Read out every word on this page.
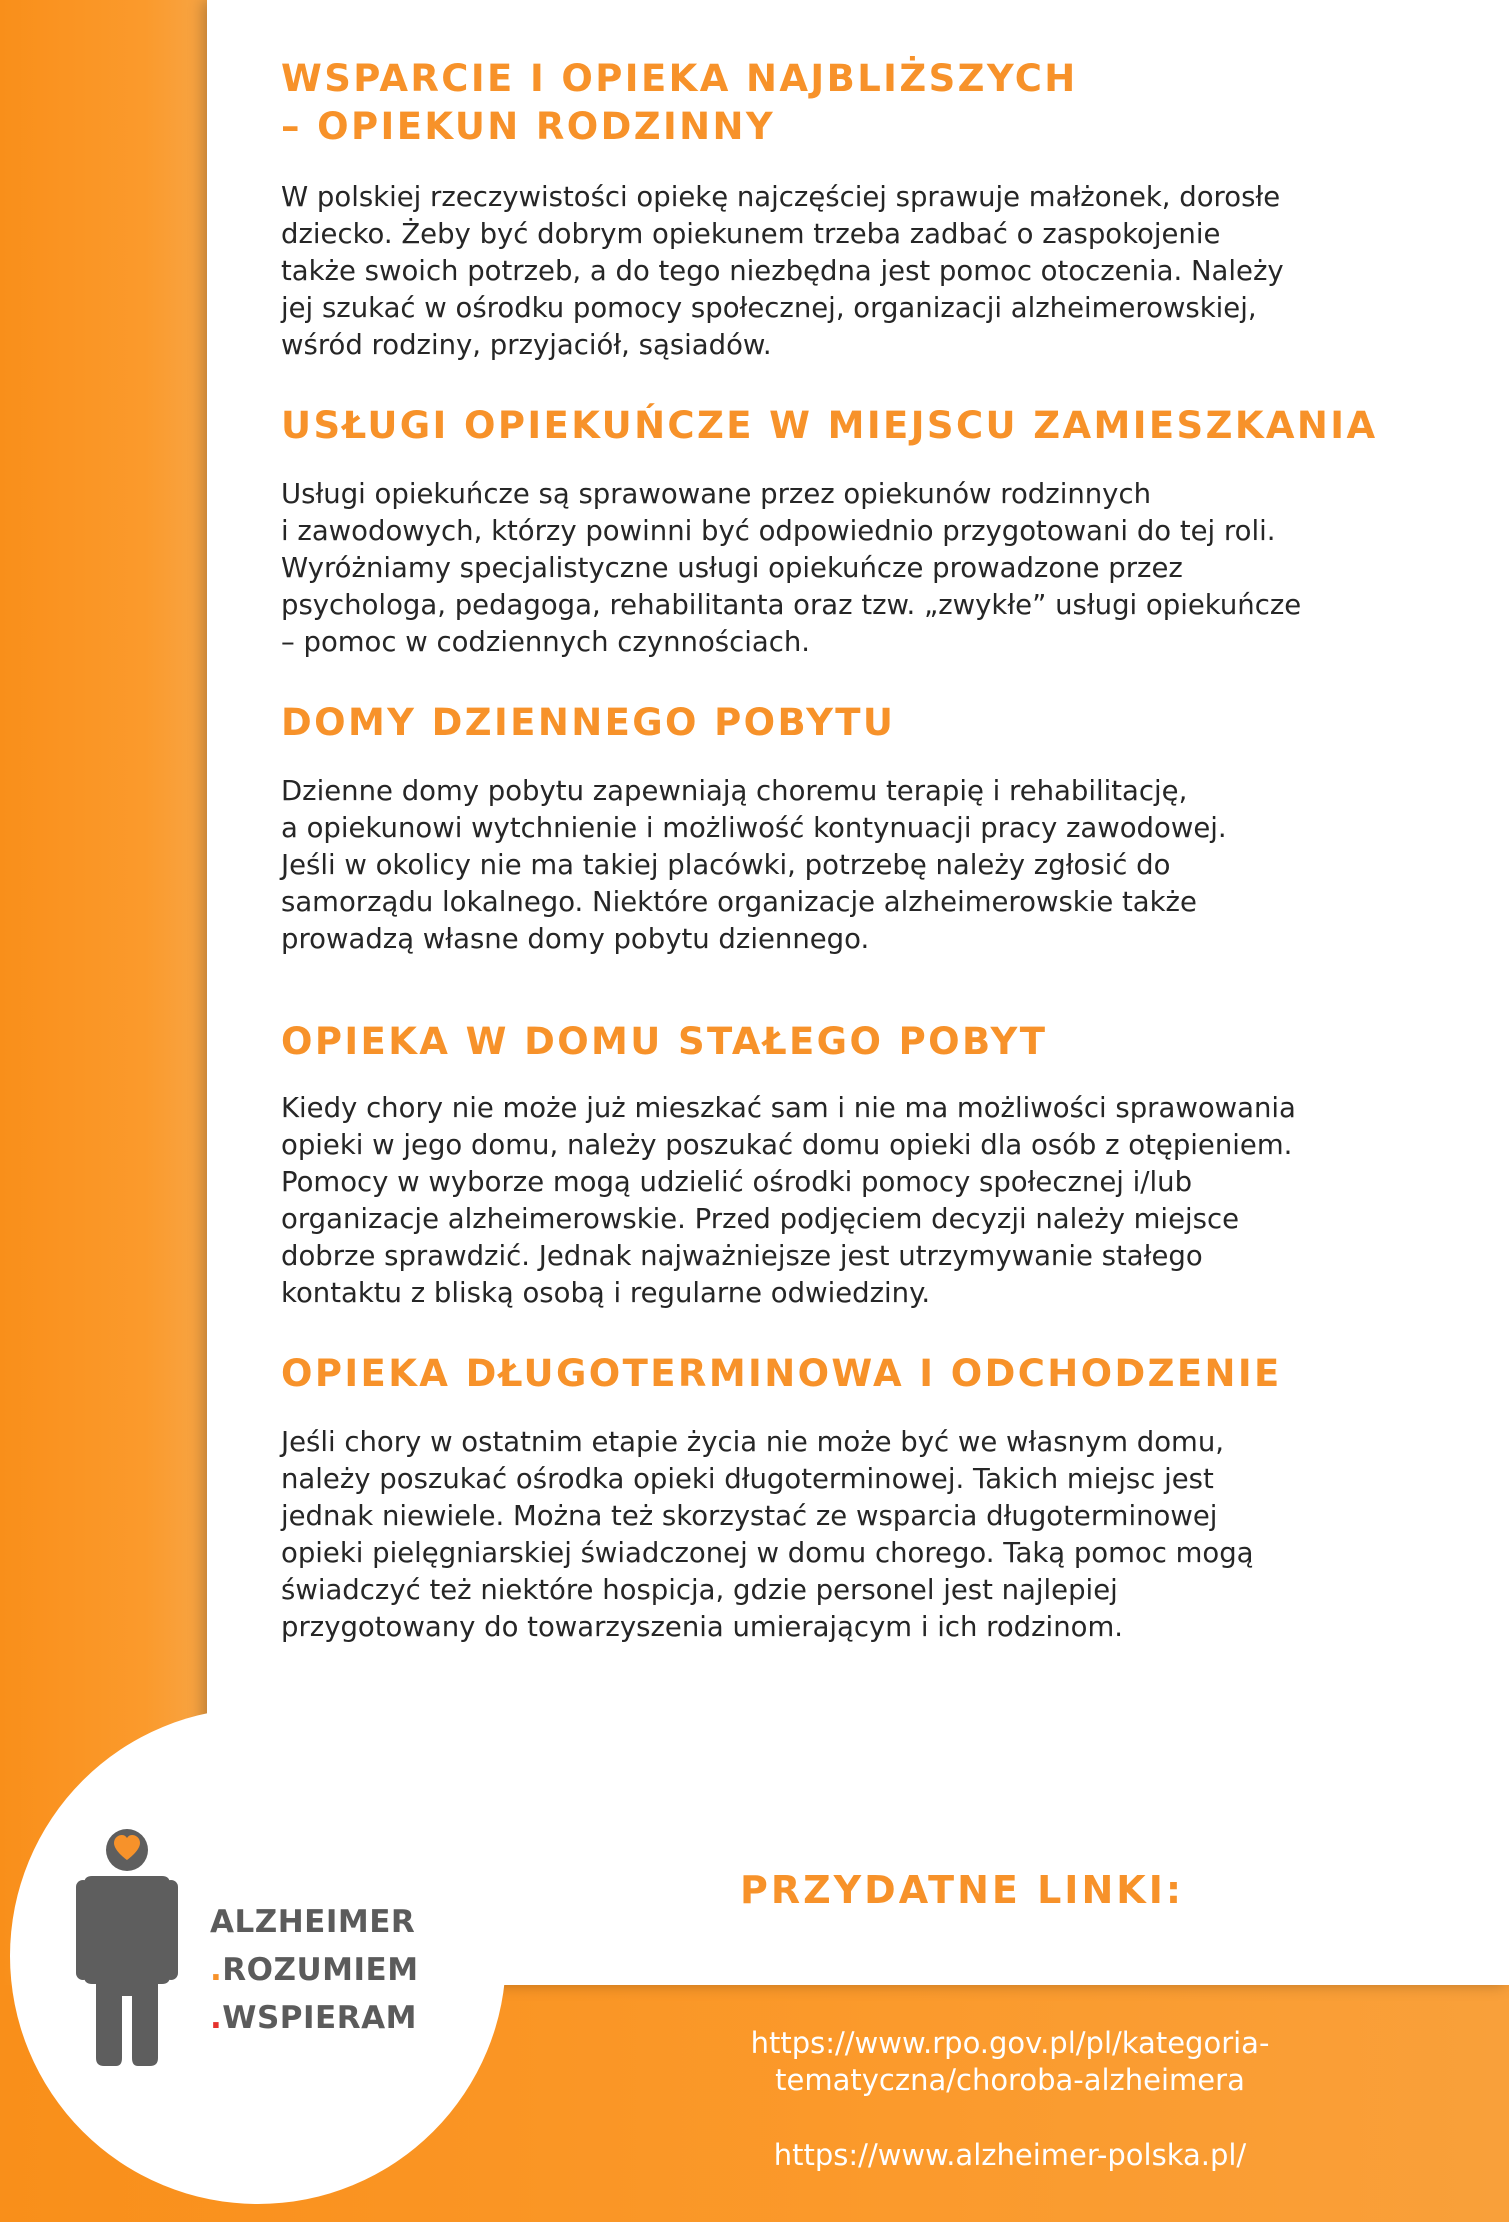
WSPARCIE I OPIEKA NAJBLIŻSZYCH
– OPIEKUN RODZINNY

W polskiej rzeczywistości opiekę najczęściej sprawuje małżonek, dorosłe
dziecko. Żeby być dobrym opiekunem trzeba zadbać o zaspokojenie
także swoich potrzeb, a do tego niezbędna jest pomoc otoczenia. Należy
jej szukać w ośrodku pomocy społecznej, organizacji alzheimerowskiej,
wśród rodziny, przyjaciół, sąsiadów.

USŁUGI OPIEKUŃCZE W MIEJSCU ZAMIESZKANIA

Usługi opiekuńcze są sprawowane przez opiekunów rodzinnych
i zawodowych, którzy powinni być odpowiednio przygotowani do tej roli.
Wyróżniamy specjalistyczne usługi opiekuńcze prowadzone przez
psychologa, pedagoga, rehabilitanta oraz tzw. „zwykłe” usługi opiekuńcze
– pomoc w codziennych czynnościach.

DOMY DZIENNEGO POBYTU

Dzienne domy pobytu zapewniają choremu terapię i rehabilitację,
a opiekunowi wytchnienie i możliwość kontynuacji pracy zawodowej.
Jeśli w okolicy nie ma takiej placówki, potrzebę należy zgłosić do
samorządu lokalnego. Niektóre organizacje alzheimerowskie także
prowadzą własne domy pobytu dziennego.

OPIEKA W DOMU STAŁEGO POBYT

Kiedy chory nie może już mieszkać sam i nie ma możliwości sprawowania
opieki w jego domu, należy poszukać domu opieki dla osób z otępieniem.
Pomocy w wyborze mogą udzielić ośrodki pomocy społecznej i/lub
organizacje alzheimerowskie. Przed podjęciem decyzji należy miejsce
dobrze sprawdzić. Jednak najważniejsze jest utrzymywanie stałego
kontaktu z bliską osobą i regularne odwiedziny.

OPIEKA DŁUGOTERMINOWA I ODCHODZENIE

Jeśli chory w ostatnim etapie życia nie może być we własnym domu,
należy poszukać ośrodka opieki długoterminowej. Takich miejsc jest
jednak niewiele. Można też skorzystać ze wsparcia długoterminowej
opieki pielęgniarskiej świadczonej w domu chorego. Taką pomoc mogą
świadczyć też niektóre hospicja, gdzie personel jest najlepiej
przygotowany do towarzyszenia umierającym i ich rodzinom.

ALZHEIMER
.ROZUMIEM
.WSPIERAM
PRZYDATNE LINKI:
https://www.rpo.gov.pl/pl/kategoria-
tematyczna/choroba-alzheimera
https://www.alzheimer-polska.pl/
